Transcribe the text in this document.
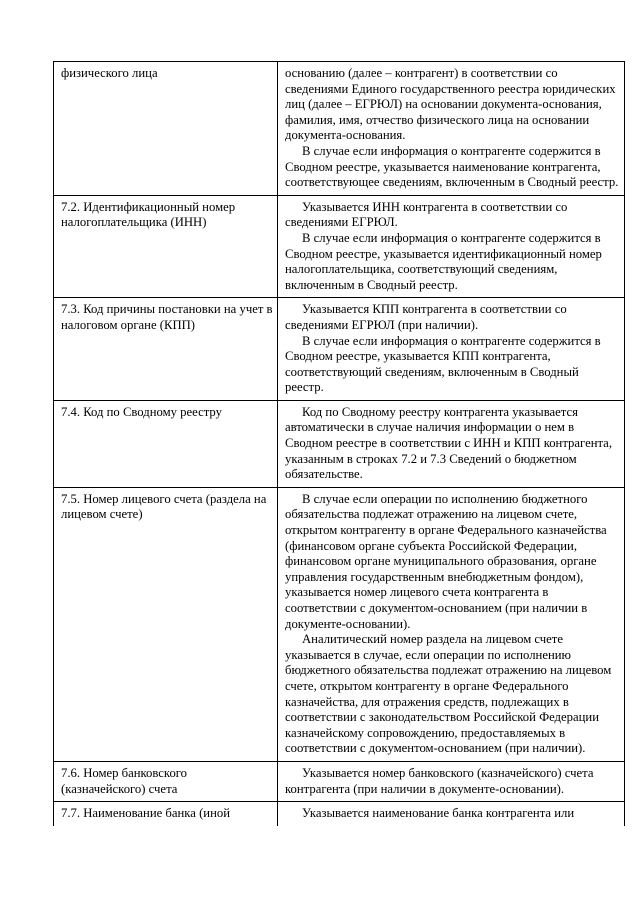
физического лица	основанию (далее – контрагент) в соответствии со сведениями Единого государственного реестра юридических лиц (далее – ЕГРЮЛ) на основании документа-основания, фамилия, имя, отчество физического лица на основании документа-основания.

В случае если информация о контрагенте содержится в Сводном реестре, указывается наименование контрагента, соответствующее сведениям, включенным в Сводный реестр.

7.2. Идентификационный номер налогоплательщика (ИНН)	Указывается ИНН контрагента в соответствии со сведениями ЕГРЮЛ.

В случае если информация о контрагенте содержится в Сводном реестре, указывается идентификационный номер налогоплательщика, соответствующий сведениям, включенным в Сводный реестр.

7.3. Код причины постановки на учет в налоговом органе (КПП)	Указывается КПП контрагента в соответствии со сведениями ЕГРЮЛ (при наличии).

В случае если информация о контрагенте содержится в Сводном реестре, указывается КПП контрагента, соответствующий сведениям, включенным в Сводный реестр.

7.4. Код по Сводному реестру	Код по Сводному реестру контрагента указывается автоматически в случае наличия информации о нем в Сводном реестре в соответствии с ИНН и КПП контрагента, указанным в строках 7.2 и 7.3 Сведений о бюджетном обязательстве.

7.5. Номер лицевого счета (раздела на лицевом счете)	В случае если операции по исполнению бюджетного обязательства подлежат отражению на лицевом счете, открытом контрагенту в органе Федерального казначейства (финансовом органе субъекта Российской Федерации, финансовом органе муниципального образования, органе управления государственным внебюджетным фондом), указывается номер лицевого счета контрагента в соответствии с документом-основанием (при наличии в документе-основании).

Аналитический номер раздела на лицевом счете указывается в случае, если операции по исполнению бюджетного обязательства подлежат отражению на лицевом счете, открытом контрагенту в органе Федерального казначейства, для отражения средств, подлежащих в соответствии с законодательством Российской Федерации казначейскому сопровождению, предоставляемых в соответствии с документом-основанием (при наличии).

7.6. Номер банковского (казначейского) счета	Указывается номер банковского (казначейского) счета контрагента (при наличии в документе-основании).

7.7. Наименование банка (иной	Указывается наименование банка контрагента или
